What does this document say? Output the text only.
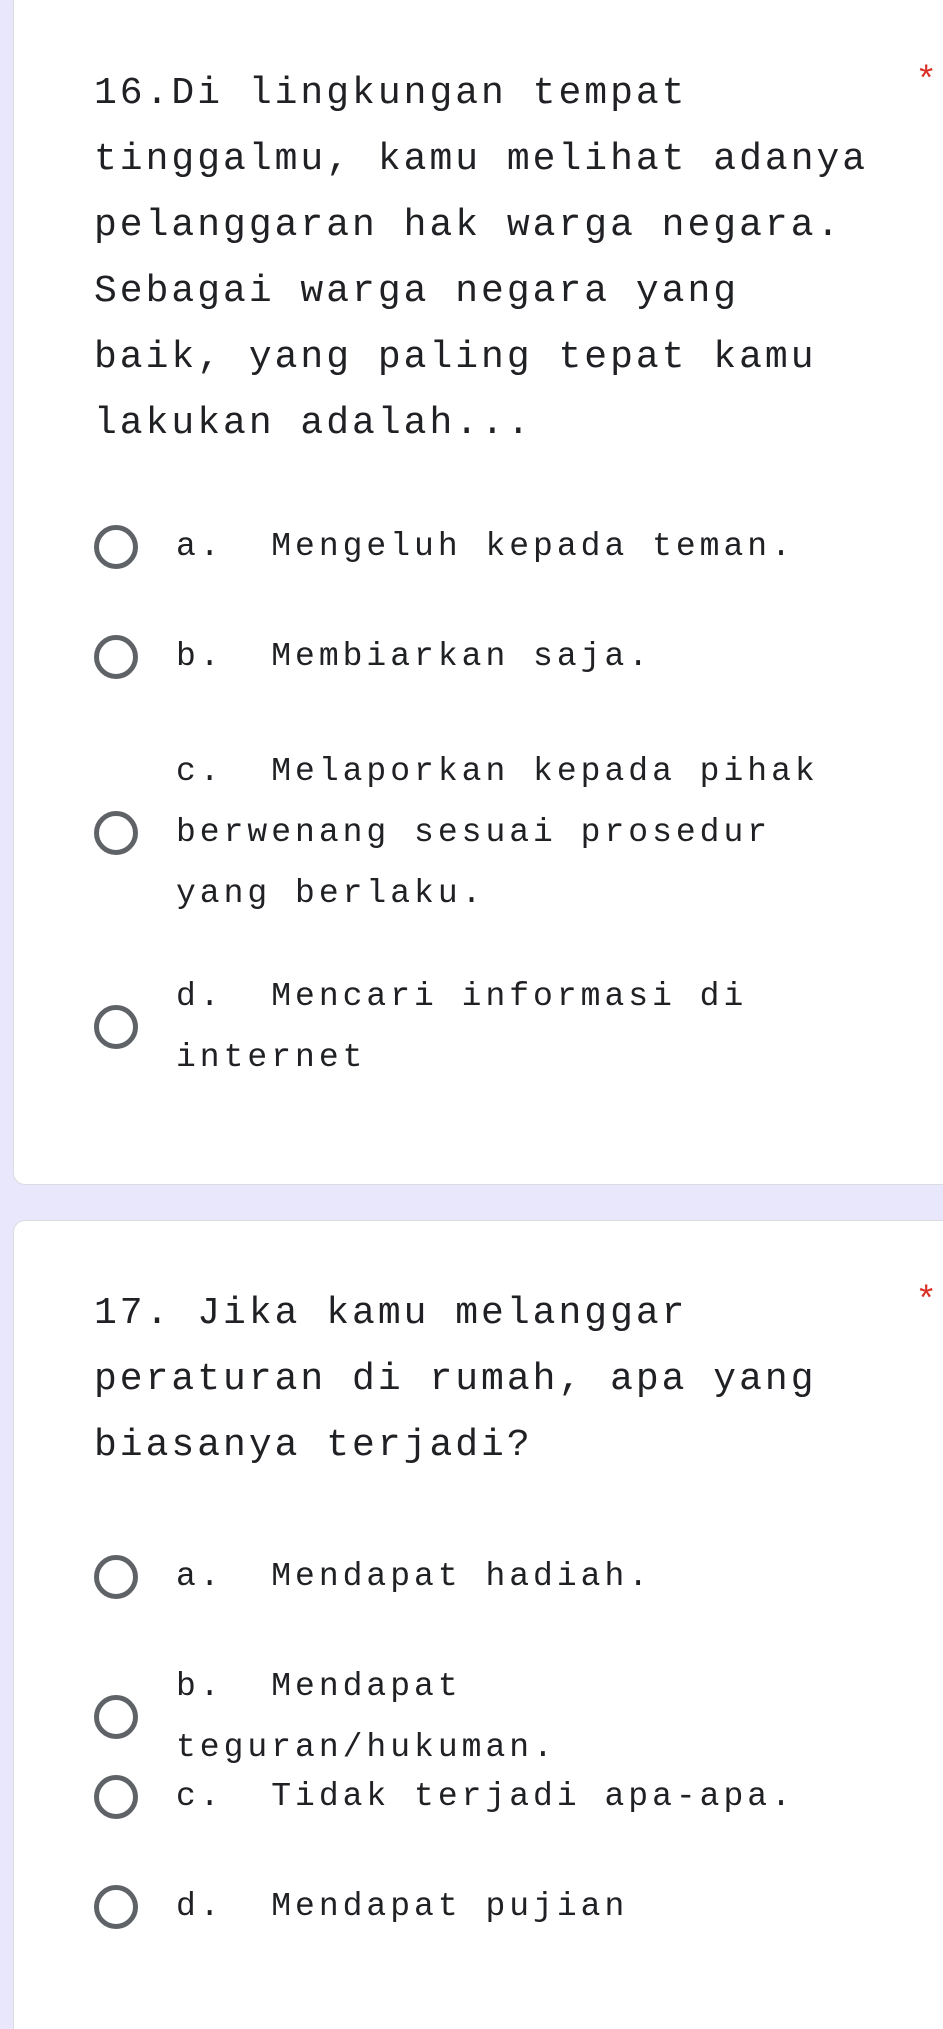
16.Di lingkungan tempat tinggalmu, kamu melihat adanya pelanggaran hak warga negara.  Sebagai warga negara yang baik, yang paling tepat kamu lakukan adalah...
*
a.  Mengeluh kepada teman.
b.  Membiarkan saja.
c.  Melaporkan kepada pihak berwenang sesuai prosedur yang berlaku.
d.  Mencari informasi di internet
17. Jika kamu melanggar peraturan di rumah, apa yang biasanya terjadi?
*
a.  Mendapat hadiah.
b.  Mendapat teguran/hukuman.
c.  Tidak terjadi apa-apa.
d.  Mendapat pujian
